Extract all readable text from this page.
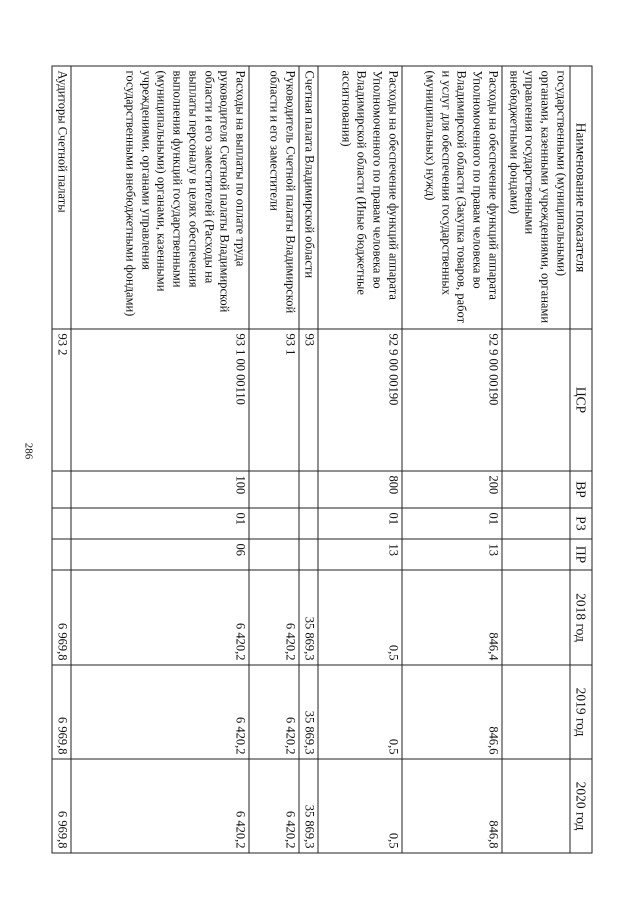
286
Наименование показателя	ЦСР	ВР	РЗ	ПР	2018 год	2019 год	2020 год
государственными (муниципальными) органами, казенными учреждениями, органами управления государственными внебюджетными фондами)							
Расходы на обеспечение функций аппарата Уполномоченного по правам человека во Владимирской области (Закупка товаров, работ и услуг для обеспечения государственных (муниципальных) нужд)	92 9 00 00190	200	01	13	846,4	846,6	846,8
Расходы на обеспечение функций аппарата Уполномоченного по правам человека во Владимирской области (Иные бюджетные ассигнования)	92 9 00 00190	800	01	13	0,5	0,5	0,5
Счетная палата Владимирской области	93				35 869,3	35 869,3	35 869,3
Руководитель Счетной палаты Владимирской области и его заместители	93 1				6 420,2	6 420,2	6 420,2
Расходы на выплаты по оплате труда руководителя Счетной палаты Владимирской области и его заместителей (Расходы на выплаты персоналу в целях обеспечения выполнения функций государственными (муниципальными) органами, казенными учреждениями, органами управления государственными внебюджетными фондами)	93 1 00 00110	100	01	06	6 420,2	6 420,2	6 420,2
Аудиторы Счетной палаты	93 2				6 969,8	6 969,8	6 969,8
